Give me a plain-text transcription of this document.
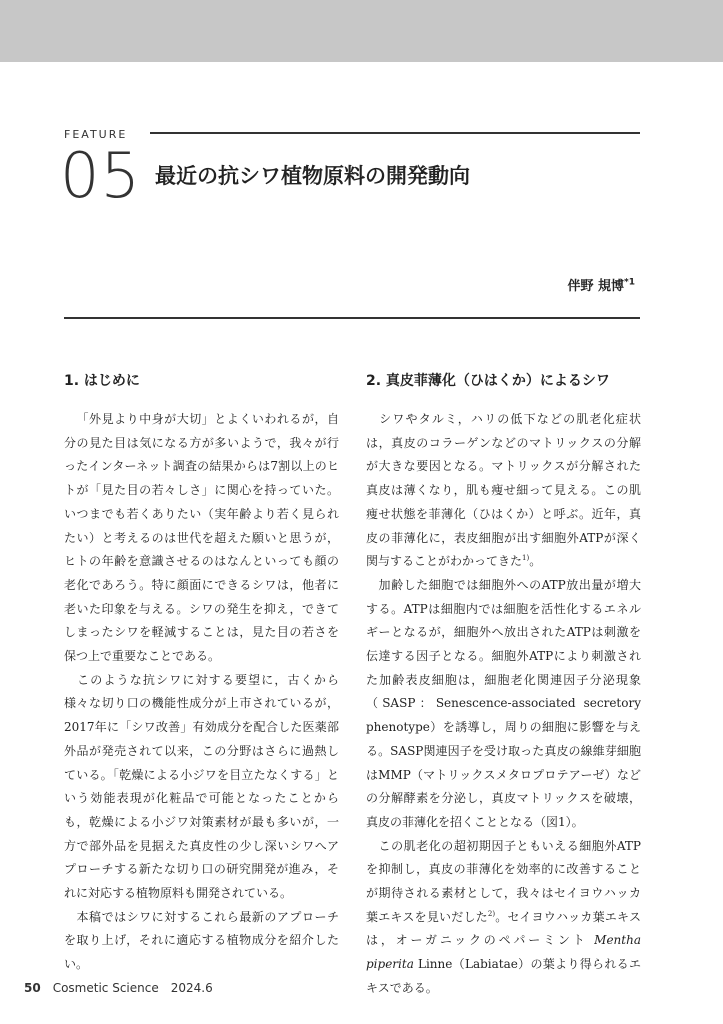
FEATURE
05 最近の抗シワ植物原料の開発動向
伴野 規博$^{*1}$
1. はじめに

「外見より中身が大切」とよくいわれるが，自分の見た目は気になる方が多いようで，我々が行ったインターネット調査の結果からは7割以上のヒトが「見た目の若々しさ」に関心を持っていた。いつまでも若くありたい（実年齢より若く見られたい）と考えるのは世代を超えた願いと思うが，ヒトの年齢を意識させるのはなんといっても顔の老化であろう。特に顔面にできるシワは，他者に老いた印象を与える。シワの発生を抑え，できてしまったシワを軽減することは，見た目の若さを保つ上で重要なことである。

このような抗シワに対する要望に，古くから様々な切り口の機能性成分が上市されているが，2017年に「シワ改善」有効成分を配合した医薬部外品が発売されて以来，この分野はさらに過熱している。「乾燥による小ジワを目立たなくする」という効能表現が化粧品で可能となったことからも，乾燥による小ジワ対策素材が最も多いが，一方で部外品を見据えた真皮性の少し深いシワへアプローチする新たな切り口の研究開発が進み，それに対応する植物原料も開発されている。

本稿ではシワに対するこれら最新のアプローチを取り上げ，それに適応する植物成分を紹介したい。

2. 真皮菲薄化（ひはくか）によるシワ

シワやタルミ，ハリの低下などの肌老化症状は，真皮のコラーゲンなどのマトリックスの分解が大きな要因となる。マトリックスが分解された真皮は薄くなり，肌も痩せ細って見える。この肌痩せ状態を菲薄化（ひはくか）と呼ぶ。近年，真皮の菲薄化に，表皮細胞が出す細胞外ATPが深く関与することがわかってきた$^{1)}$。

加齢した細胞では細胞外へのATP放出量が増大する。ATPは細胞内では細胞を活性化するエネルギーとなるが，細胞外へ放出されたATPは刺激を伝達する因子となる。細胞外ATPにより刺激された加齢表皮細胞は，細胞老化関連因子分泌現象（SASP：Senescence-associated secretory phenotype）を誘導し，周りの細胞に影響を与える。SASP関連因子を受け取った真皮の線維芽細胞はMMP（マトリックスメタロプロテアーゼ）などの分解酵素を分泌し，真皮マトリックスを破壊，真皮の菲薄化を招くこととなる（図1）。

この肌老化の超初期因子ともいえる細胞外ATPを抑制し，真皮の菲薄化を効率的に改善することが期待される素材として，我々はセイヨウハッカ葉エキスを見いだした$^{2)}$。セイヨウハッカ葉エキスは，オーガニックのペパーミント Mentha piperita Linne（Labiatae）の葉より得られるエキスである。

50 Cosmetic Science　2024.6
